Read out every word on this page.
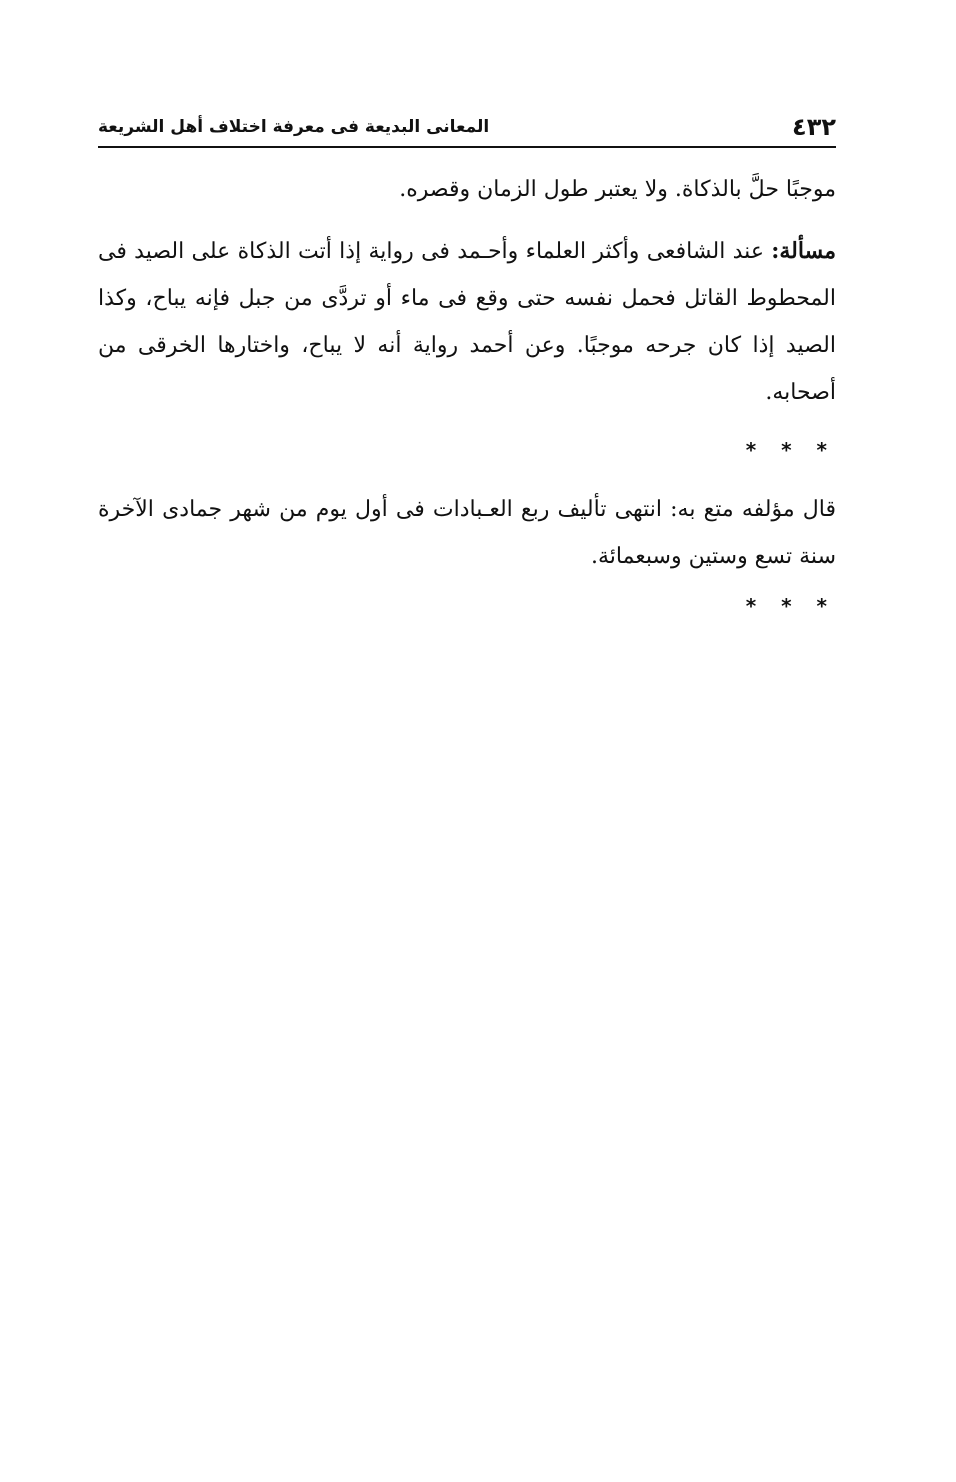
٤٣٢
المعانى البديعة فى معرفة اختلاف أهل الشريعة

موجبًا حلَّ بالذكاة. ولا يعتبر طول الزمان وقصره.

مسألة: عند الشافعى وأكثر العلماء وأحـمد فى رواية إذا أتت الذكاة على الصيد فى المحطوط القاتل فحمل نفسه حتى وقع فى ماء أو تردَّى من جبل فإنه يباح، وكذا الصيد إذا كان جرحه موجبًا. وعن أحمد رواية أنه لا يباح، واختارها الخرقى من أصحابه.

* * *

قال مؤلفه متع به: انتهى تأليف ربع العـبادات فى أول يوم من شهر جمادى الآخرة سنة تسع وستين وسبعمائة.

* * *
